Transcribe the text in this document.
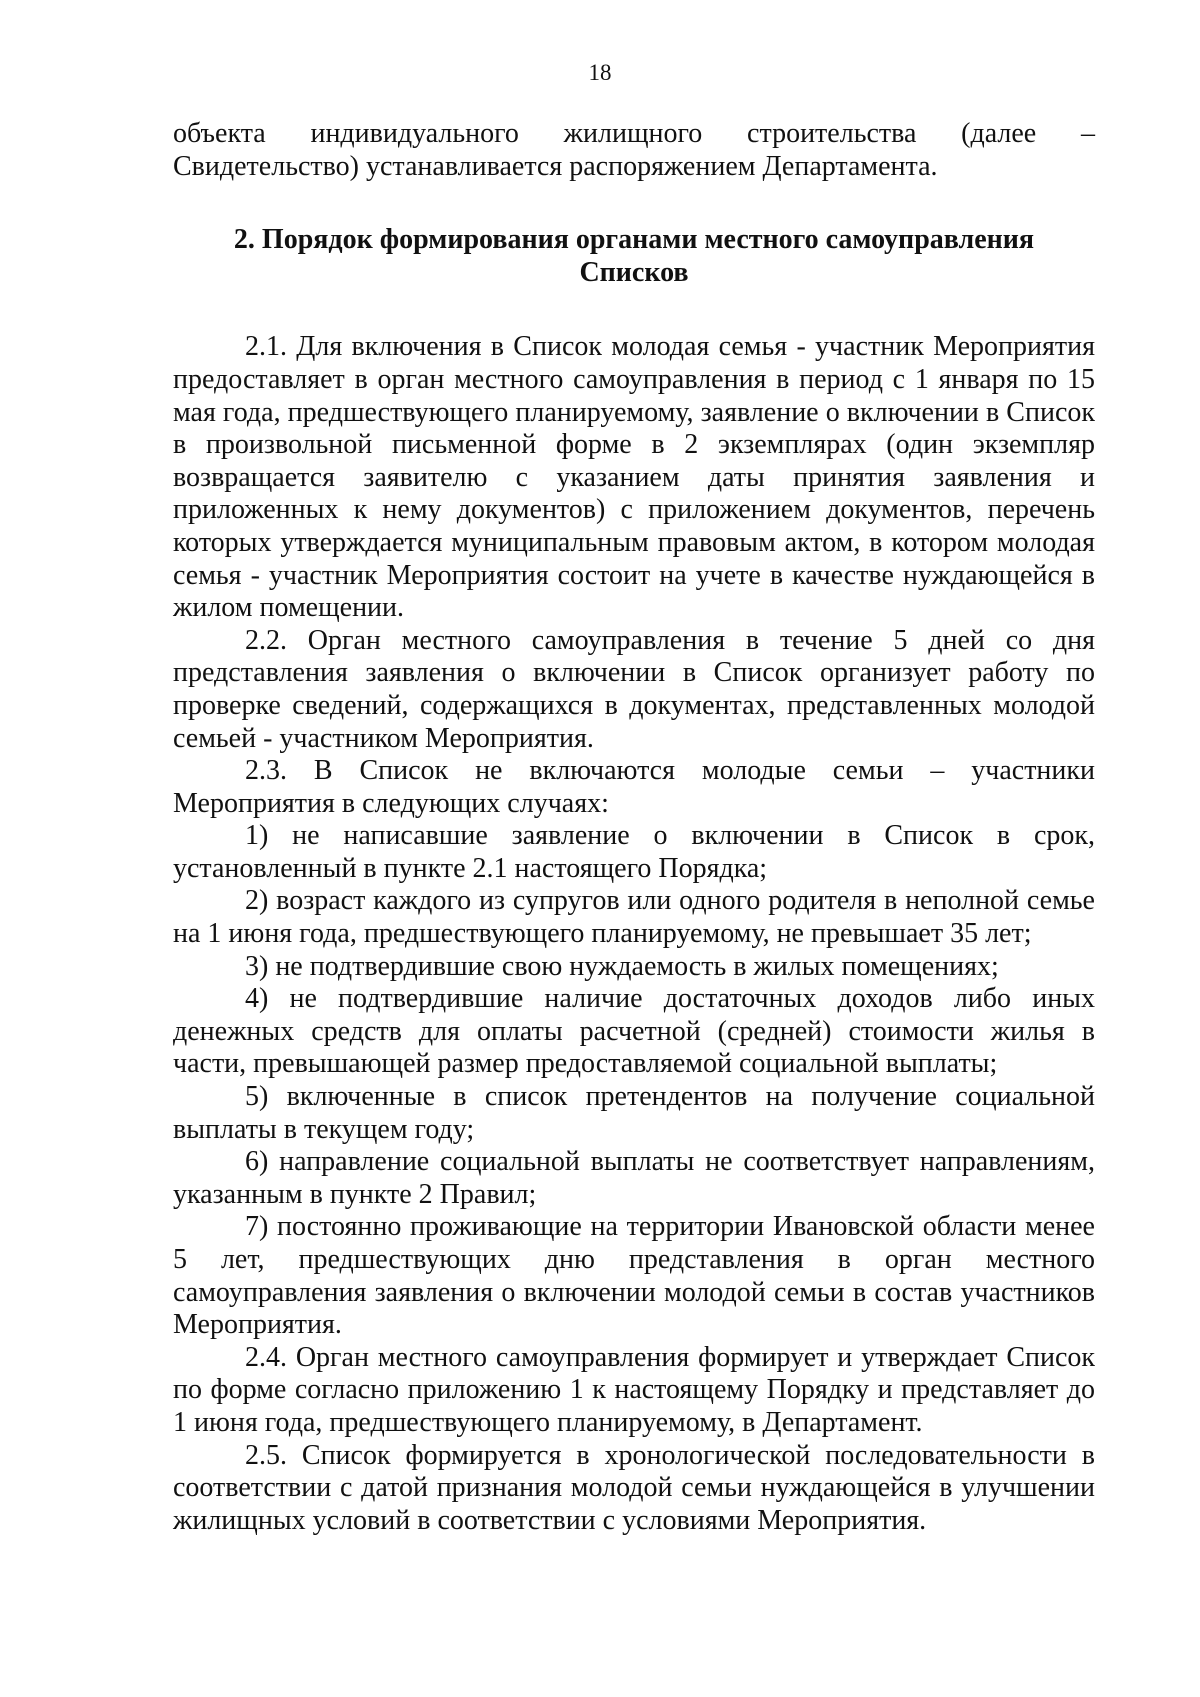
18

объекта индивидуального жилищного строительства (далее –

Свидетельство) устанавливается распоряжением Департамента.

2. Порядок формирования органами местного самоуправления
Списков

2.1. Для включения в Список молодая семья - участник Мероприятия предоставляет в орган местного самоуправления в период с 1 января по 15 мая года, предшествующего планируемому, заявление о включении в Список в произвольной письменной форме в 2 экземплярах (один экземпляр возвращается заявителю с указанием даты принятия заявления и приложенных к нему документов) с приложением документов, перечень которых утверждается муниципальным правовым актом, в котором молодая семья - участник Мероприятия состоит на учете в качестве нуждающейся в жилом помещении.

2.2. Орган местного самоуправления в течение 5 дней со дня представления заявления о включении в Список организует работу по проверке сведений, содержащихся в документах, представленных молодой семьей - участником Мероприятия.

2.3. В Список не включаются молодые семьи – участники Мероприятия в следующих случаях:

1) не написавшие заявление о включении в Список в срок, установленный в пункте 2.1 настоящего Порядка;

2) возраст каждого из супругов или одного родителя в неполной семье на 1 июня года, предшествующего планируемому, не превышает 35 лет;

3) не подтвердившие свою нуждаемость в жилых помещениях;

4) не подтвердившие наличие достаточных доходов либо иных денежных средств для оплаты расчетной (средней) стоимости жилья в части, превышающей размер предоставляемой социальной выплаты;

5) включенные в список претендентов на получение социальной выплаты в текущем году;

6) направление социальной выплаты не соответствует направлениям, указанным в пункте 2 Правил;

7) постоянно проживающие на территории Ивановской области менее 5 лет, предшествующих дню представления в орган местного самоуправления заявления о включении молодой семьи в состав участников Мероприятия.

2.4. Орган местного самоуправления формирует и утверждает Список по форме согласно приложению 1 к настоящему Порядку и представляет до 1 июня года, предшествующего планируемому, в Департамент.

2.5. Список формируется в хронологической последовательности в соответствии с датой признания молодой семьи нуждающейся в улучшении жилищных условий в соответствии с условиями Мероприятия.
